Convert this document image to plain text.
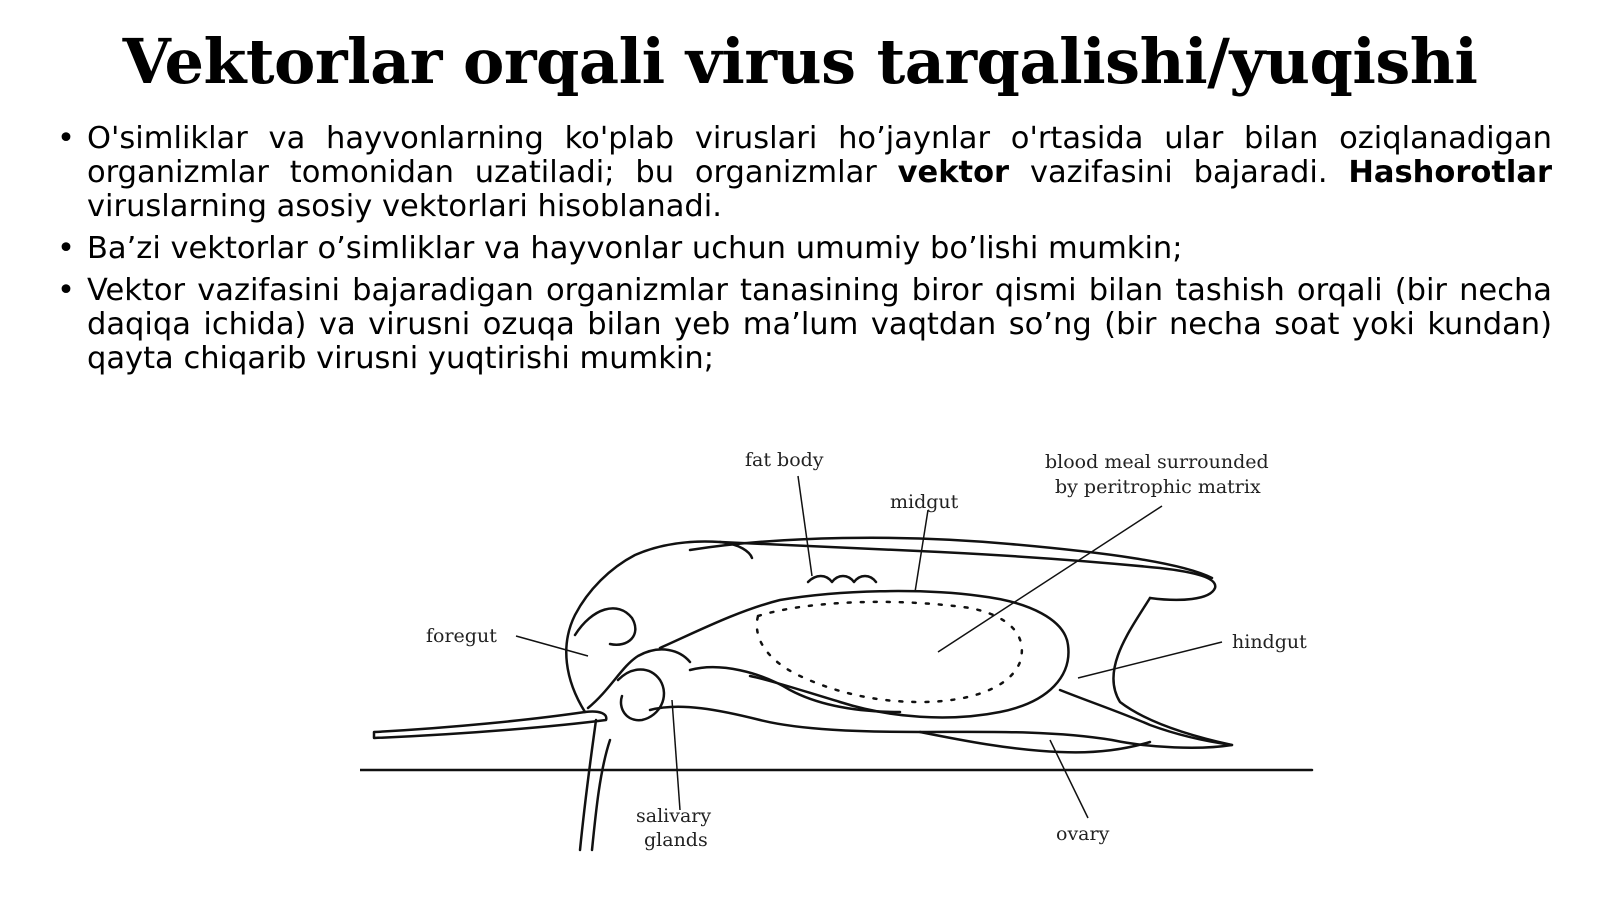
Vektorlar orqali virus tarqalishi/yuqishi
• O'simliklar va hayvonlarning ko'plab viruslari ho’jaynlar o'rtasida ular bilan oziqlanadigan organizmlar tomonidan uzatiladi; bu organizmlar vektor vazifasini bajaradi. Hashorotlar viruslarning asosiy vektorlari hisoblanadi.
• Ba’zi vektorlar o’simliklar va hayvonlar uchun umumiy bo’lishi mumkin;
• Vektor vazifasini bajaradigan organizmlar tanasining biror qismi bilan tashish orqali (bir necha daqiqa ichida) va virusni ozuqa bilan yeb ma’lum vaqtdan so’ng (bir necha soat yoki kundan) qayta chiqarib virusni yuqtirishi mumkin;
fat body
midgut
blood meal surrounded
by peritrophic matrix
foregut	hindgut
salivary
glands	ovary
